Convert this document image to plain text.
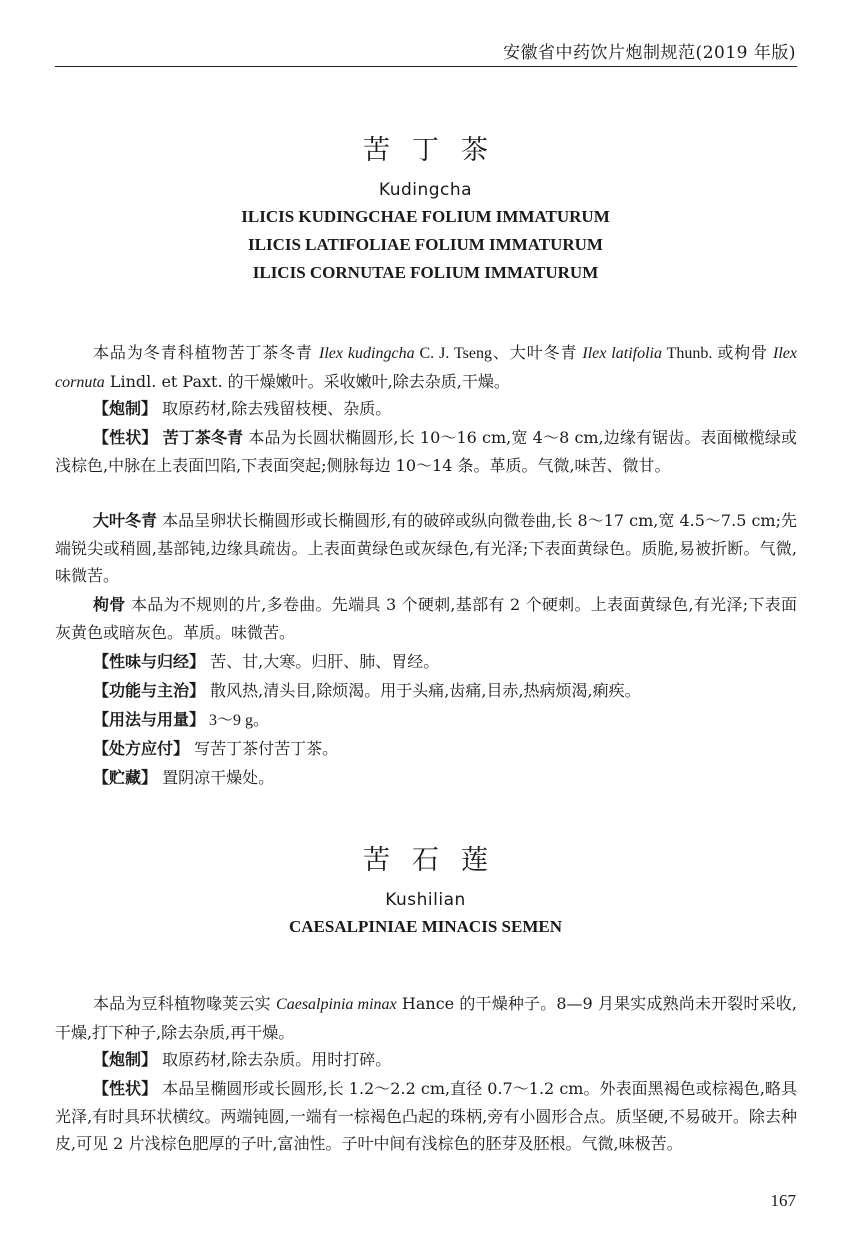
安徽省中药饮片炮制规范(2019 年版)
苦丁茶
Kudingcha
ILICIS KUDINGCHAE FOLIUM IMMATURUM
ILICIS LATIFOLIAE FOLIUM IMMATURUM
ILICIS CORNUTAE FOLIUM IMMATURUM

本品为冬青科植物苦丁茶冬青 Ilex kudingcha C. J. Tseng、大叶冬青 Ilex latifolia Thunb. 或枸骨 Ilex cornuta Lindl. et Paxt. 的干燥嫩叶。采收嫩叶,除去杂质,干燥。

【炮制】 取原药材,除去残留枝梗、杂质。

【性状】 苦丁茶冬青 本品为长圆状椭圆形,长 10～16 cm,宽 4～8 cm,边缘有锯齿。表面橄榄绿或浅棕色,中脉在上表面凹陷,下表面突起;侧脉每边 10～14 条。革质。气微,味苦、微甘。

大叶冬青 本品呈卵状长椭圆形或长椭圆形,有的破碎或纵向微卷曲,长 8～17 cm,宽 4.5～7.5 cm;先端锐尖或稍圆,基部钝,边缘具疏齿。上表面黄绿色或灰绿色,有光泽;下表面黄绿色。质脆,易被折断。气微,味微苦。

枸骨 本品为不规则的片,多卷曲。先端具 3 个硬刺,基部有 2 个硬刺。上表面黄绿色,有光泽;下表面灰黄色或暗灰色。革质。味微苦。

【性味与归经】 苦、甘,大寒。归肝、肺、胃经。

【功能与主治】 散风热,清头目,除烦渴。用于头痛,齿痛,目赤,热病烦渴,痢疾。

【用法与用量】 3～9 g。

【处方应付】 写苦丁茶付苦丁茶。

【贮藏】 置阴凉干燥处。

苦石莲
Kushilian
CAESALPINIAE MINACIS SEMEN

本品为豆科植物喙荚云实 Caesalpinia minax Hance 的干燥种子。8—9 月果实成熟尚未开裂时采收,干燥,打下种子,除去杂质,再干燥。

【炮制】 取原药材,除去杂质。用时打碎。

【性状】 本品呈椭圆形或长圆形,长 1.2～2.2 cm,直径 0.7～1.2 cm。外表面黑褐色或棕褐色,略具光泽,有时具环状横纹。两端钝圆,一端有一棕褐色凸起的珠柄,旁有小圆形合点。质坚硬,不易破开。除去种皮,可见 2 片浅棕色肥厚的子叶,富油性。子叶中间有浅棕色的胚芽及胚根。气微,味极苦。

167
